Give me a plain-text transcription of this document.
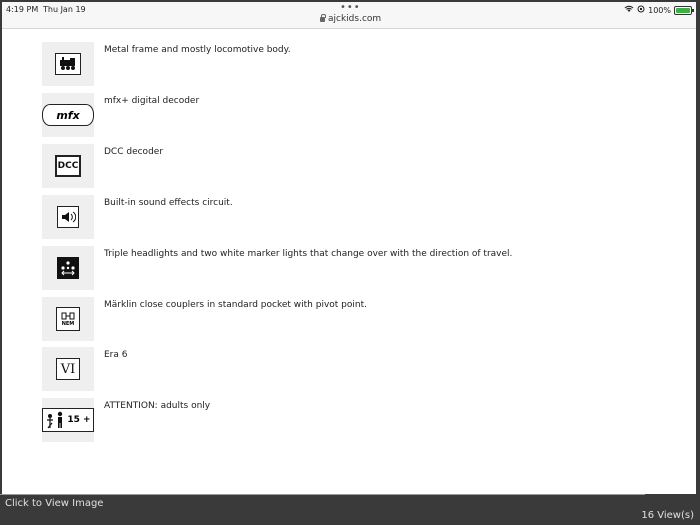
4:19 PM Thu Jan 19	•••
ajckids.com
100%
Metal frame and mostly locomotive body.
mfx
mfx+ digital decoder
DCC
DCC decoder
Built-in sound effects circuit.
Triple headlights and two white marker lights that change over with the direction of travel.
NEM
Märklin close couplers in standard pocket with pivot point.
VI
Era 6
15 +
ATTENTION: adults only
Click to View Image
16 View(s)
